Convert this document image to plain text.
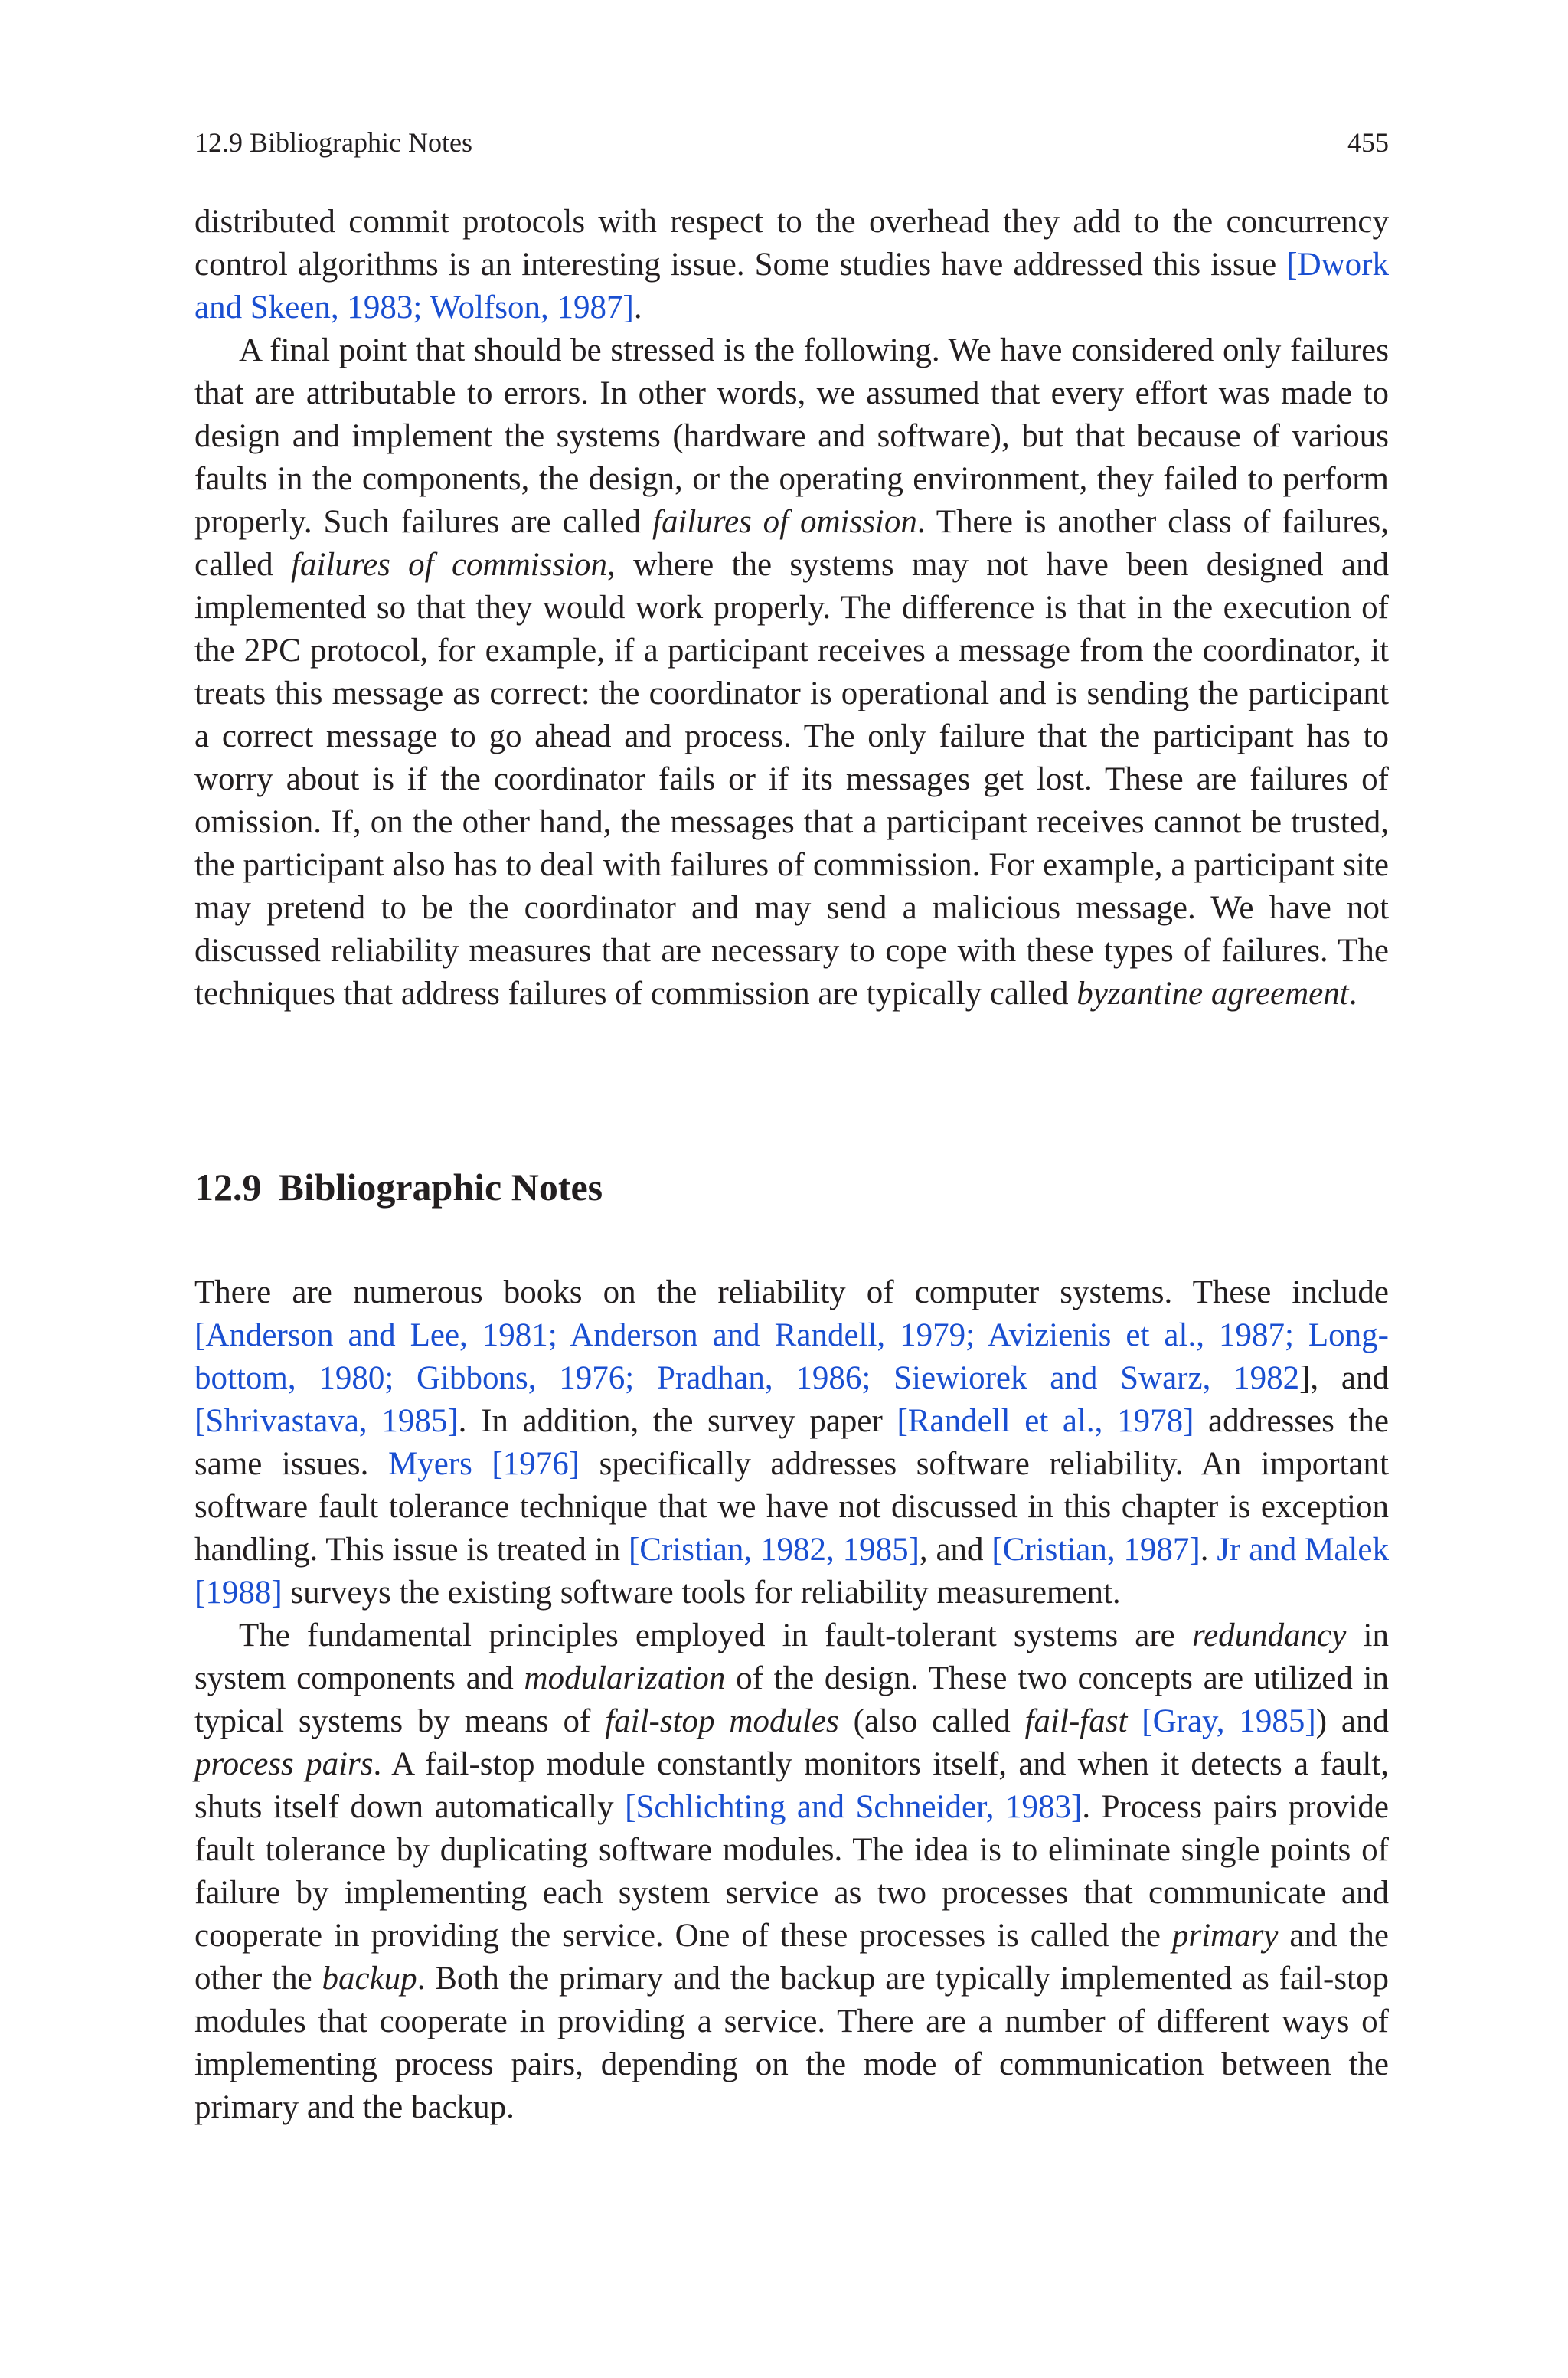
12.9 Bibliographic Notes	455

distributed commit protocols with respect to the overhead they add to the concurrency control algorithms is an interesting issue. Some studies have addressed this issue [Dwork and Skeen, 1983; Wolfson, 1987].

A final point that should be stressed is the following. We have considered only failures that are attributable to errors. In other words, we assumed that every effort was made to design and implement the systems (hardware and software), but that because of various faults in the components, the design, or the operating environment, they failed to perform properly. Such failures are called failures of omission. There is another class of failures, called failures of commission, where the systems may not have been designed and implemented so that they would work properly. The difference is that in the execution of the 2PC protocol, for example, if a participant receives a message from the coordinator, it treats this message as correct: the coordinator is operational and is sending the participant a correct message to go ahead and process. The only failure that the participant has to worry about is if the coordinator fails or if its messages get lost. These are failures of omission. If, on the other hand, the messages that a participant receives cannot be trusted, the participant also has to deal with failures of commission. For example, a participant site may pretend to be the coordinator and may send a malicious message. We have not discussed reliability measures that are necessary to cope with these types of failures. The techniques that address failures of commission are typically called byzantine agreement.

12.9 Bibliographic Notes

There are numerous books on the reliability of computer systems. These include [Anderson and Lee, 1981; Anderson and Randell, 1979; Avizienis et al., 1987; Longbottom, 1980; Gibbons, 1976; Pradhan, 1986; Siewiorek and Swarz, 1982], and [Shrivastava, 1985]. In addition, the survey paper [Randell et al., 1978] addresses the same issues. Myers [1976] specifically addresses software reliability. An important software fault tolerance technique that we have not discussed in this chapter is exception handling. This issue is treated in [Cristian, 1982, 1985], and [Cristian, 1987]. Jr and Malek [1988] surveys the existing software tools for reliability measurement.

The fundamental principles employed in fault-tolerant systems are redundancy in system components and modularization of the design. These two concepts are utilized in typical systems by means of fail-stop modules (also called fail-fast [Gray, 1985]) and process pairs. A fail-stop module constantly monitors itself, and when it detects a fault, shuts itself down automatically [Schlichting and Schneider, 1983]. Process pairs provide fault tolerance by duplicating software modules. The idea is to eliminate single points of failure by implementing each system service as two processes that communicate and cooperate in providing the service. One of these processes is called the primary and the other the backup. Both the primary and the backup are typically implemented as fail-stop modules that cooperate in providing a service. There are a number of different ways of implementing process pairs, depending on the mode of communication between the primary and the backup.
